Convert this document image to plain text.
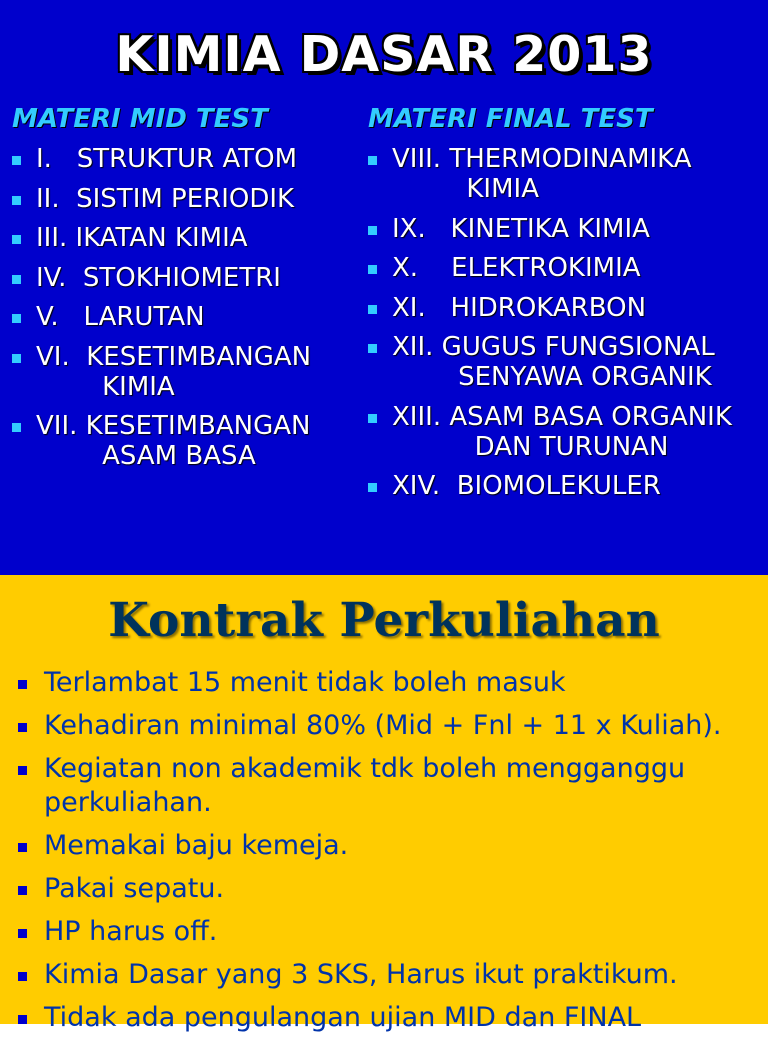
KIMIA DASAR 2013
MATERI MID TEST	MATERI FINAL TEST
I.   STRUKTUR ATOM
II.  SISTIM PERIODIK
III. IKATAN KIMIA
IV.  STOKHIOMETRI
V.   LARUTAN
VI.  KESETIMBANGAN
KIMIA
VII. KESETIMBANGAN
ASAM BASA
VIII. THERMODINAMIKA
KIMIA
IX.   KINETIKA KIMIA
X.    ELEKTROKIMIA
XI.   HIDROKARBON
XII. GUGUS FUNGSIONAL
SENYAWA ORGANIK
XIII. ASAM BASA ORGANIK
DAN TURUNAN
XIV.  BIOMOLEKULER
Kontrak Perkuliahan
Terlambat 15 menit tidak boleh masuk
Kehadiran minimal 80% (Mid + Fnl + 11 x Kuliah).
Kegiatan non akademik tdk boleh mengganggu
perkuliahan.
Memakai baju kemeja.
Pakai sepatu.
HP harus off.
Kimia Dasar yang 3 SKS, Harus ikut praktikum.
Tidak ada pengulangan ujian MID dan FINAL
